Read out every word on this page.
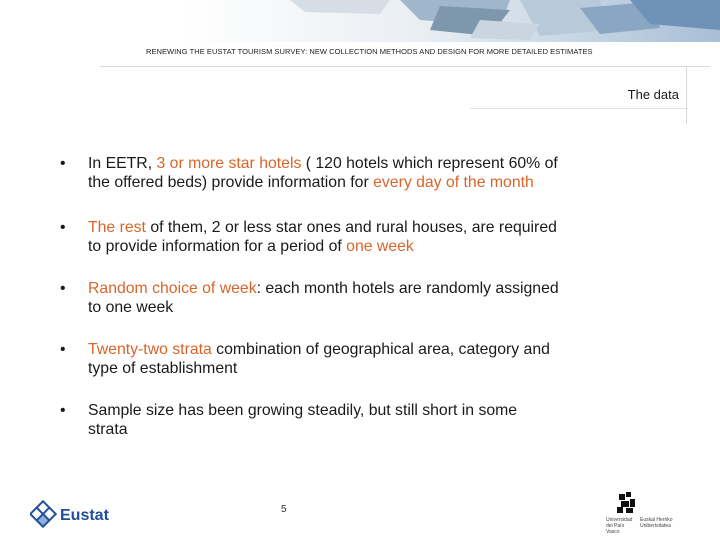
RENEWING THE EUSTAT TOURISM SURVEY: NEW COLLECTION METHODS AND DESIGN FOR MORE DETAILED ESTIMATES
The data
• In EETR, 3 or more star hotels ( 120 hotels which represent 60% of
the offered beds) provide information for every day of the month
• The rest of them, 2 or less star ones and rural houses, are required
to provide information for a period of one week
• Random choice of week: each month hotels are randomly assigned
to one week
• Twenty-two strata combination of geographical area, category and
type of establishment
• Sample size has been growing steadily, but still short in some
strata
Eustat	5
Universidad del País Vasco
Euskal Herriko Unibertsitatea
